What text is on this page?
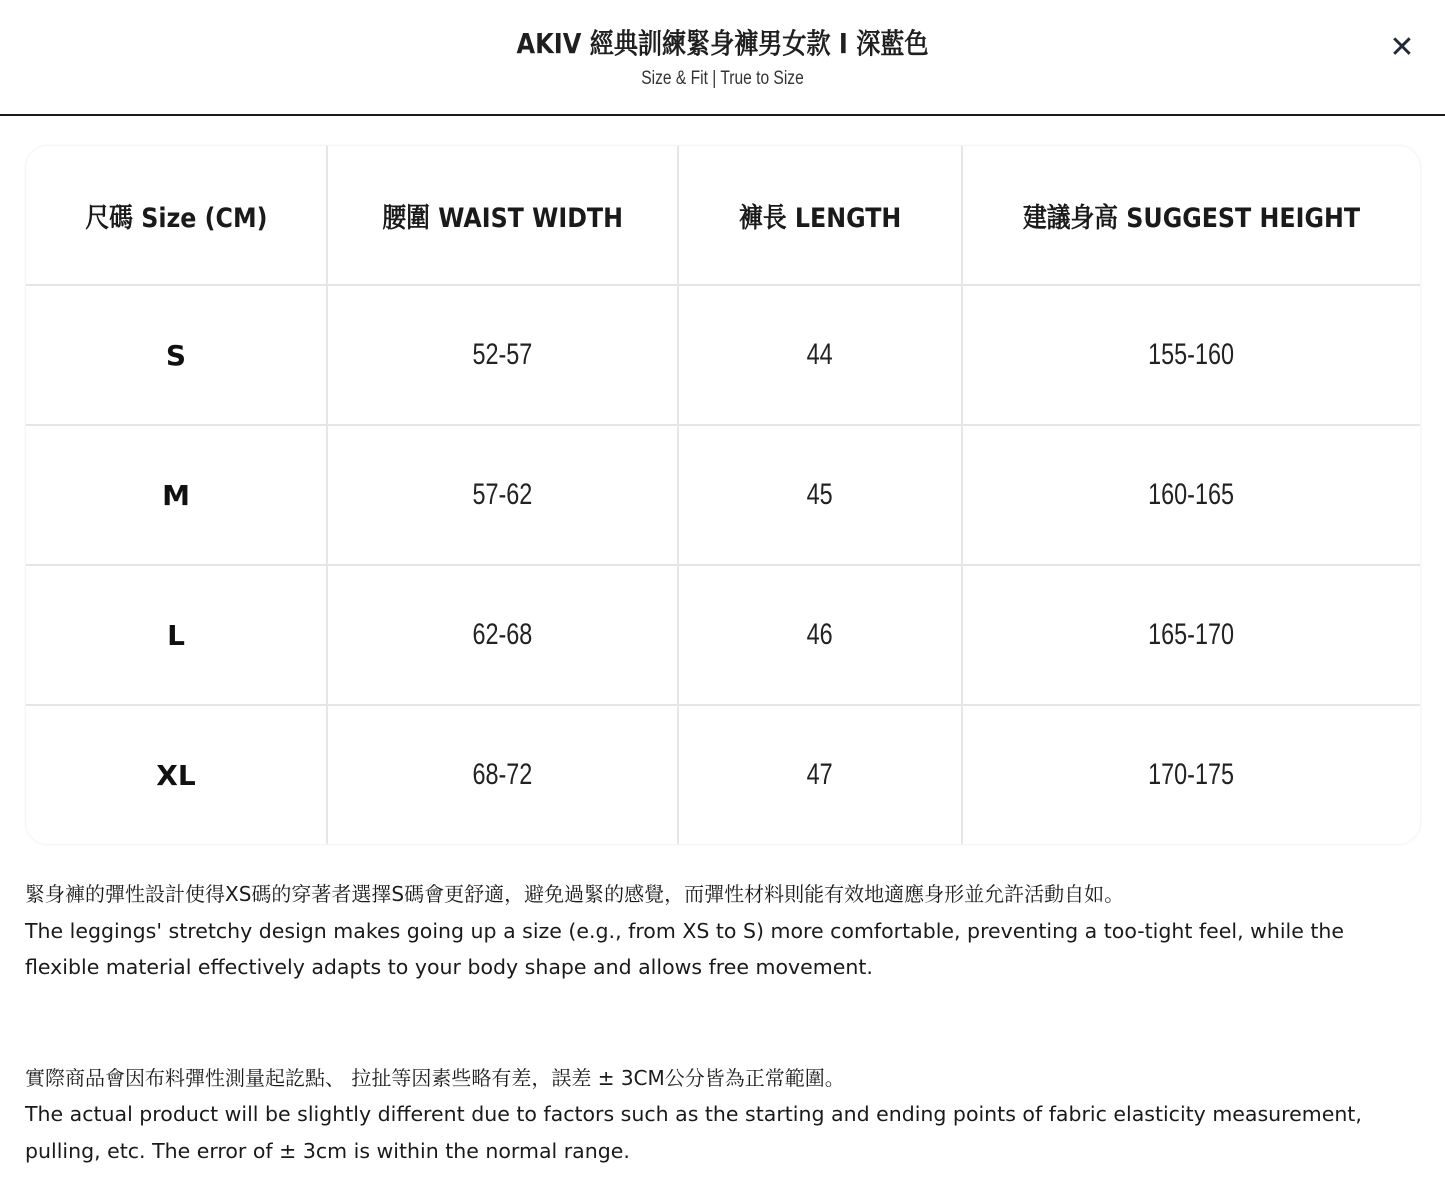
AKIV 經典訓練緊身褲男女款 I 深藍色
Size & Fit | True to Size
✕
尺碼 Size (CM)	腰圍 WAIST WIDTH	褲長 LENGTH	建議身高 SUGGEST HEIGHT
S	52-57	44	155-160
M	57-62	45	160-165
L	62-68	46	165-170
XL	68-72	47	170-175

緊身褲的彈性設計使得XS碼的穿著者選擇S碼會更舒適，避免過緊的感覺，而彈性材料則能有效地適應身形並允許活動自如。

The leggings' stretchy design makes going up a size (e.g., from XS to S) more comfortable, preventing a too-tight feel, while the flexible material effectively adapts to your body shape and allows free movement.

實際商品會因布料彈性測量起訖點、 拉扯等因素些略有差，誤差 ± 3CM公分皆為正常範圍。

The actual product will be slightly different due to factors such as the starting and ending points of fabric elasticity measurement, pulling, etc. The error of ± 3cm is within the normal range.
